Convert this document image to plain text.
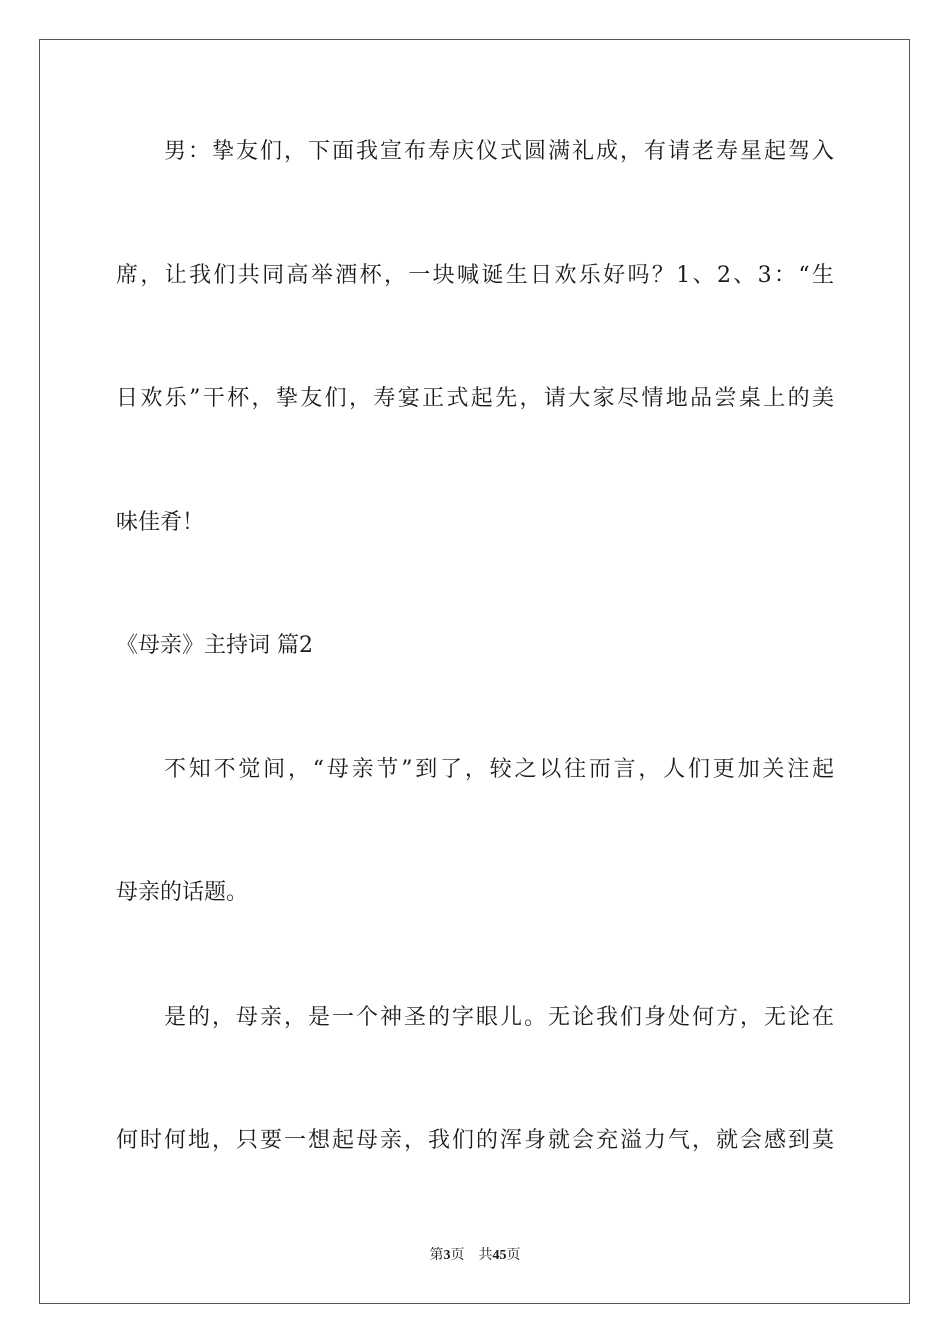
男：挚友们，下面我宣布寿庆仪式圆满礼成，有请老寿星起驾入

席，让我们共同高举酒杯，一块喊诞生日欢乐好吗？1、2、3：“生

日欢乐”干杯，挚友们，寿宴正式起先，请大家尽情地品尝桌上的美

味佳肴！

《母亲》主持词 篇2

不知不觉间，“母亲节”到了，较之以往而言，人们更加关注起

母亲的话题。

是的，母亲，是一个神圣的字眼儿。无论我们身处何方，无论在

何时何地，只要一想起母亲，我们的浑身就会充溢力气，就会感到莫

第3页 共45页
